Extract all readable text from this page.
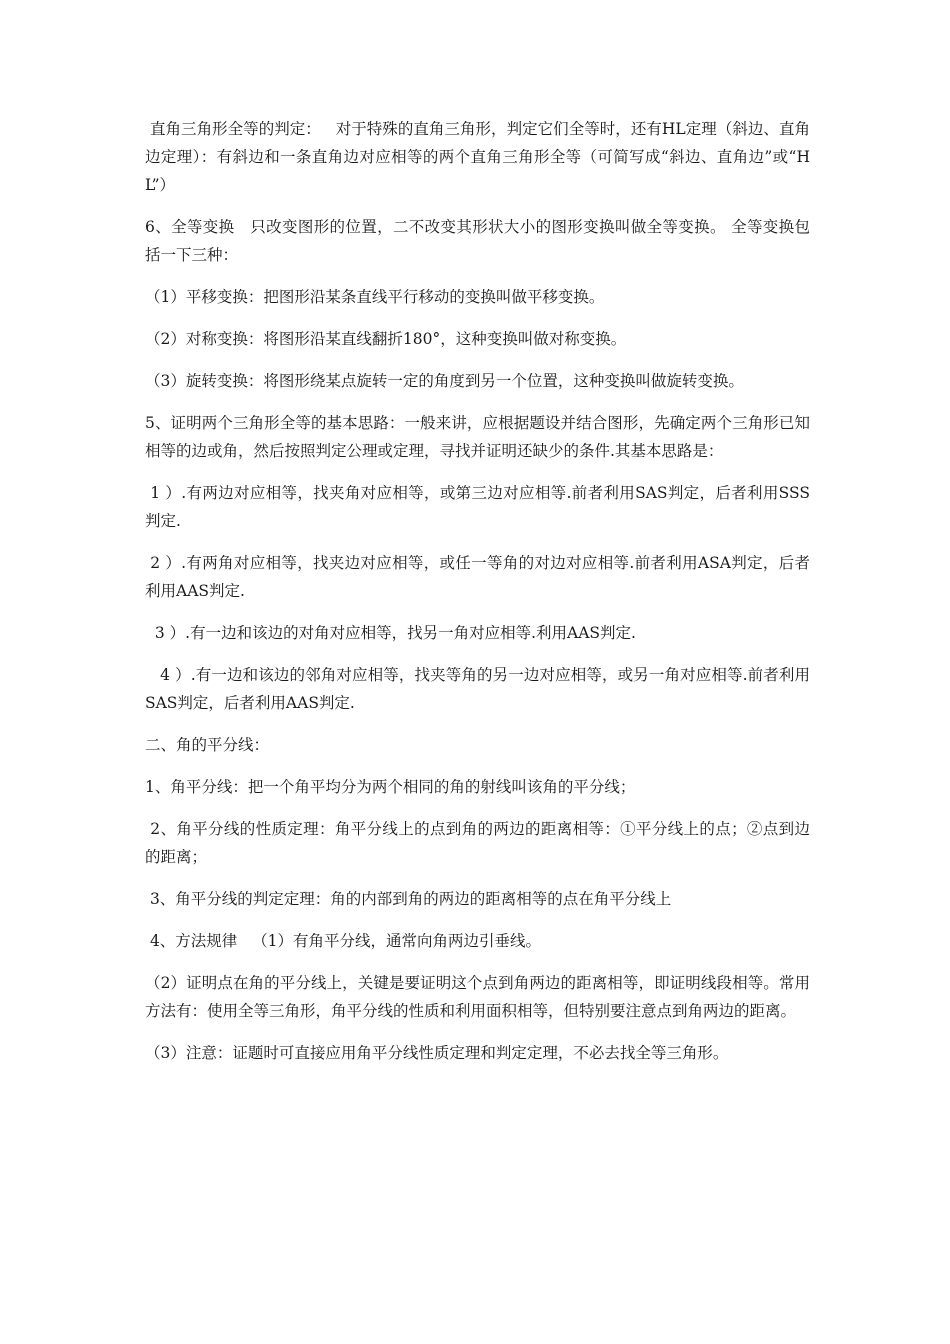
直角三角形全等的判定：   对于特殊的直角三角形，判定它们全等时，还有HL定理（斜边、直角边定理）：有斜边和一条直角边对应相等的两个直角三角形全等（可简写成“斜边、直角边”或“HL”）

6、全等变换   只改变图形的位置，二不改变其形状大小的图形变换叫做全等变换。 全等变换包括一下三种：

（1）平移变换：把图形沿某条直线平行移动的变换叫做平移变换。

（2）对称变换：将图形沿某直线翻折180°，这种变换叫做对称变换。

（3）旋转变换：将图形绕某点旋转一定的角度到另一个位置，这种变换叫做旋转变换。

5、证明两个三角形全等的基本思路：一般来讲，应根据题设并结合图形，先确定两个三角形已知相等的边或角，然后按照判定公理或定理，寻找并证明还缺少的条件.其基本思路是：

1 ）.有两边对应相等，找夹角对应相等，或第三边对应相等.前者利用SAS判定，后者利用SSS判定.

2 ）.有两角对应相等，找夹边对应相等，或任一等角的对边对应相等.前者利用ASA判定，后者利用AAS判定.

3 ）.有一边和该边的对角对应相等，找另一角对应相等.利用AAS判定.

4 ）.有一边和该边的邻角对应相等，找夹等角的另一边对应相等，或另一角对应相等.前者利用SAS判定，后者利用AAS判定.

二、角的平分线：

1、角平分线：把一个角平均分为两个相同的角的射线叫该角的平分线；

2、角平分线的性质定理：角平分线上的点到角的两边的距离相等：①平分线上的点；②点到边的距离；

3、角平分线的判定定理：角的内部到角的两边的距离相等的点在角平分线上

4、方法规律   （1）有角平分线，通常向角两边引垂线。

（2）证明点在角的平分线上，关键是要证明这个点到角两边的距离相等，即证明线段相等。常用方法有：使用全等三角形，角平分线的性质和利用面积相等，但特别要注意点到角两边的距离。

（3）注意：证题时可直接应用角平分线性质定理和判定定理，不必去找全等三角形。
